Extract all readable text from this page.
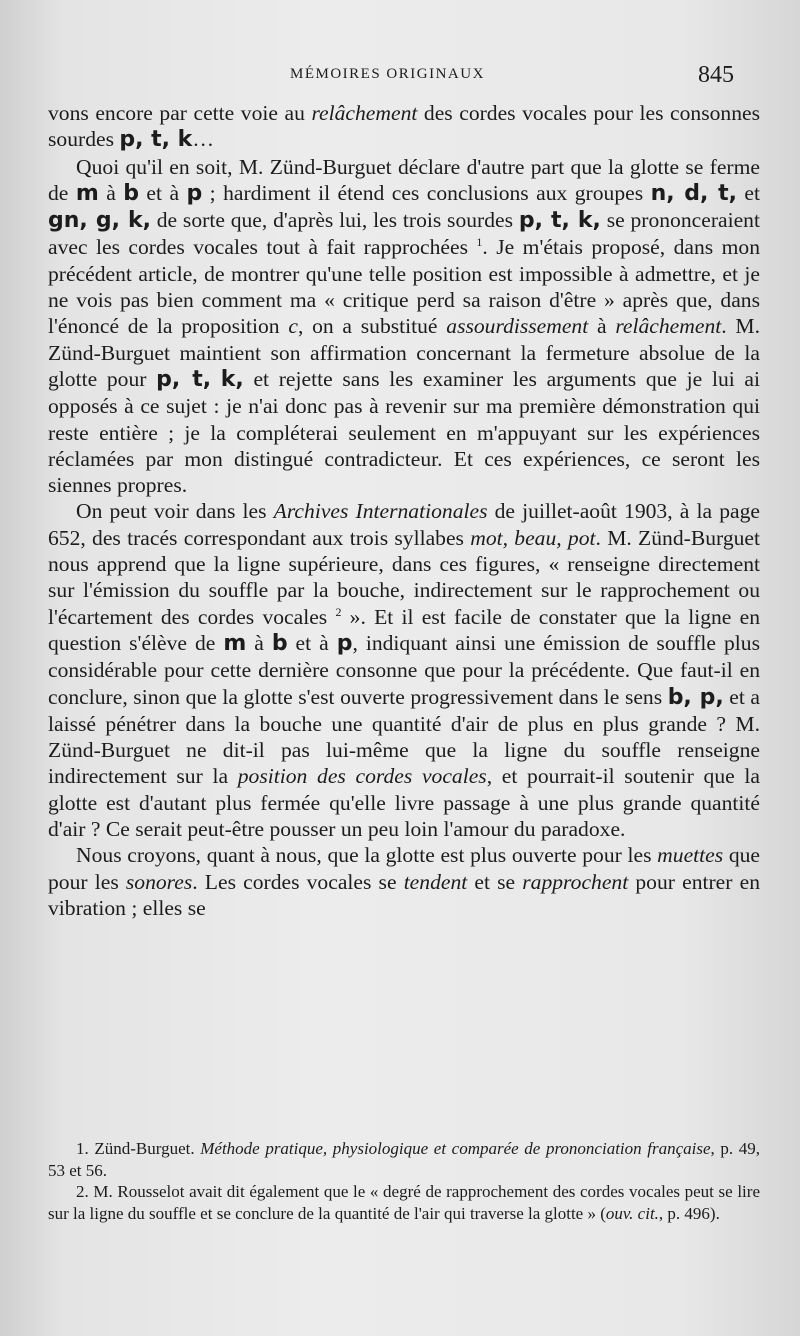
MÉMOIRES ORIGINAUX	845

vons encore par cette voie au relâchement des cordes vocales pour les consonnes sourdes p, t, k…

Quoi qu'il en soit, M. Zünd-Burguet déclare d'autre part que la glotte se ferme de m à b et à p ; hardiment il étend ces conclusions aux groupes n, d, t, et gn, g, k, de sorte que, d'après lui, les trois sourdes p, t, k, se prononceraient avec les cordes vocales tout à fait rapprochées $^1$. Je m'étais proposé, dans mon précédent article, de montrer qu'une telle position est impossible à admettre, et je ne vois pas bien comment ma « critique perd sa raison d'être » après que, dans l'énoncé de la proposition c, on a substitué assourdissement à relâchement. M. Zünd-Burguet maintient son affirmation concernant la fermeture absolue de la glotte pour p, t, k, et rejette sans les examiner les arguments que je lui ai opposés à ce sujet : je n'ai donc pas à revenir sur ma première démonstration qui reste entière ; je la compléterai seulement en m'appuyant sur les expériences réclamées par mon distingué contradicteur. Et ces expériences, ce seront les siennes propres.

On peut voir dans les Archives Internationales de juillet-août 1903, à la page 652, des tracés correspondant aux trois syllabes mot, beau, pot. M. Zünd-Burguet nous apprend que la ligne supérieure, dans ces figures, « renseigne directement sur l'émission du souffle par la bouche, indirectement sur le rapprochement ou l'écartement des cordes vocales $^2$ ». Et il est facile de constater que la ligne en question s'élève de m à b et à p, indiquant ainsi une émission de souffle plus considérable pour cette dernière consonne que pour la précédente. Que faut-il en conclure, sinon que la glotte s'est ouverte progressivement dans le sens b, p, et a laissé pénétrer dans la bouche une quantité d'air de plus en plus grande ? M. Zünd-Burguet ne dit-il pas lui-même que la ligne du souffle renseigne indirectement sur la position des cordes vocales, et pourrait-il soutenir que la glotte est d'autant plus fermée qu'elle livre passage à une plus grande quantité d'air ? Ce serait peut-être pousser un peu loin l'amour du paradoxe.

Nous croyons, quant à nous, que la glotte est plus ouverte pour les muettes que pour les sonores. Les cordes vocales se tendent et se rapprochent pour entrer en vibration ; elles se

1. Zünd-Burguet. Méthode pratique, physiologique et comparée de prononciation française, p. 49, 53 et 56.

2. M. Rousselot avait dit également que le « degré de rapprochement des cordes vocales peut se lire sur la ligne du souffle et se conclure de la quantité de l'air qui traverse la glotte » (ouv. cit., p. 496).
